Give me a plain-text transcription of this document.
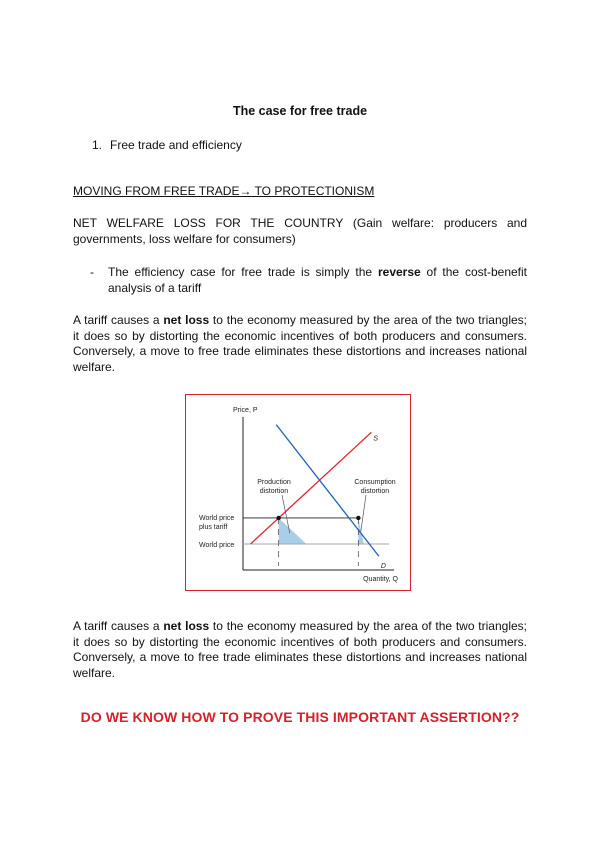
The case for free trade
1. Free trade and efficiency
MOVING FROM FREE TRADE→ TO PROTECTIONISM
NET WELFARE LOSS FOR THE COUNTRY (Gain welfare: producers and governments, loss welfare for consumers)
- The efficiency case for free trade is simply the reverse of the cost-benefit analysis of a tariff
A tariff causes a net loss to the economy measured by the area of the two triangles; it does so by distorting the economic incentives of both producers and consumers. Conversely, a move to free trade eliminates these distortions and increases national welfare.
Price, P
Quantity, Q
World price plus tariff
World price
Production distortion
Consumption distortion
S
D
A tariff causes a net loss to the economy measured by the area of the two triangles; it does so by distorting the economic incentives of both producers and consumers. Conversely, a move to free trade eliminates these distortions and increases national welfare.
DO WE KNOW HOW TO PROVE THIS IMPORTANT ASSERTION??
